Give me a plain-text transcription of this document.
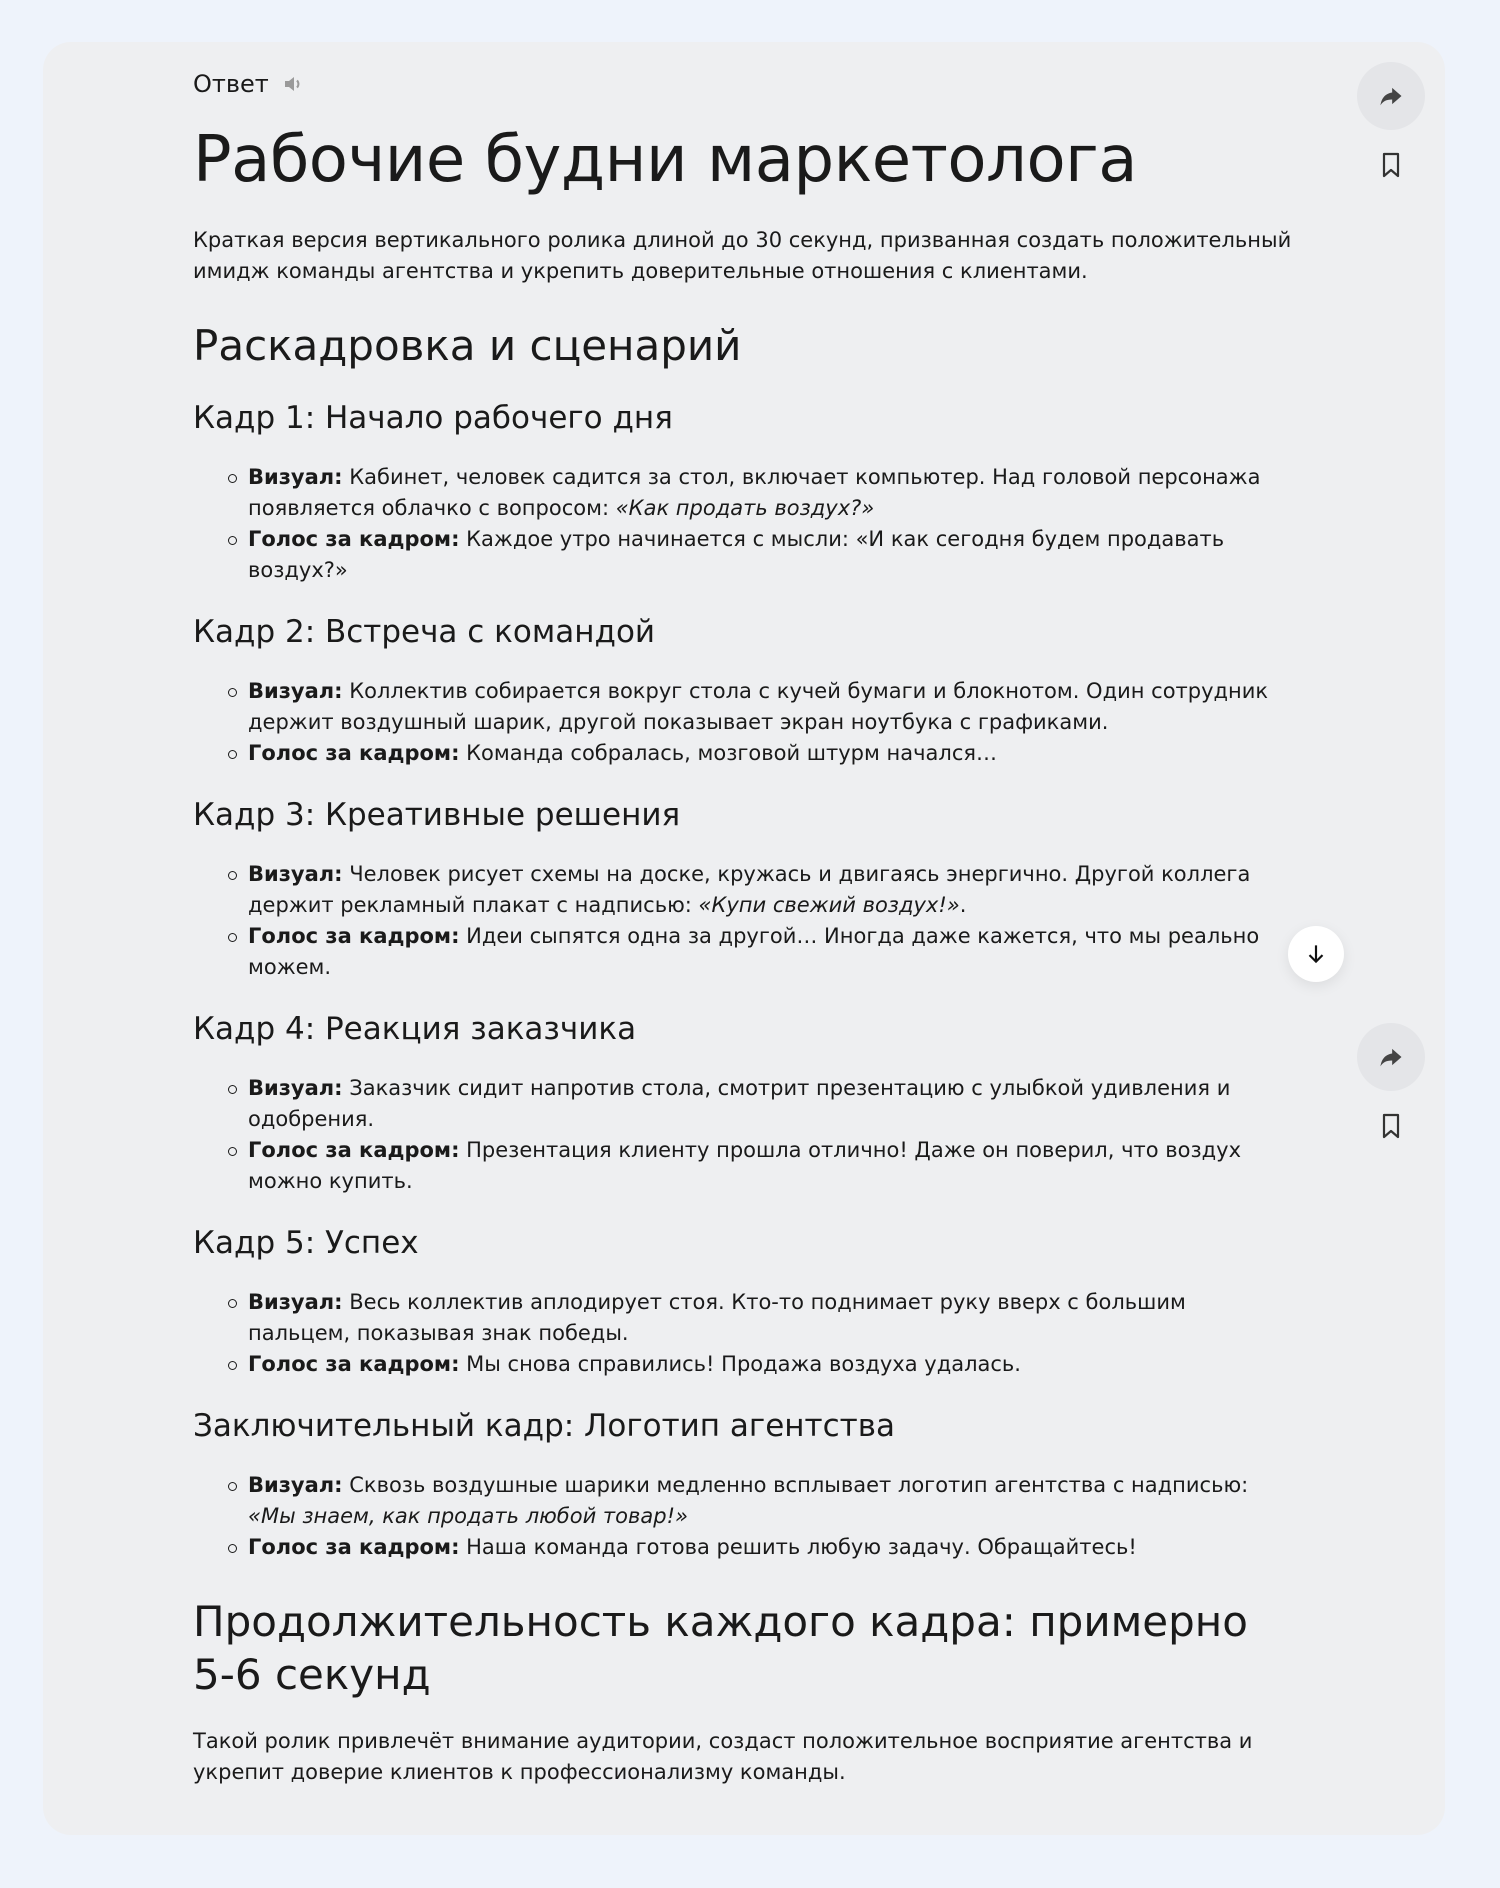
Ответ
Рабочие будни маркетолога

Краткая версия вертикального ролика длиной до 30 секунд, призванная создать положительный имидж команды агентства и укрепить доверительные отношения с клиентами.

Раскадровка и сценарий
Кадр 1: Начало рабочего дня
Визуал: Кабинет, человек садится за стол, включает компьютер. Над головой персонажа появляется облачко с вопросом: «Как продать воздух?»
Голос за кадром: Каждое утро начинается с мысли: «И как сегодня будем продавать воздух?»
Кадр 2: Встреча с командой
Визуал: Коллектив собирается вокруг стола с кучей бумаги и блокнотом. Один сотрудник держит воздушный шарик, другой показывает экран ноутбука с графиками.
Голос за кадром: Команда собралась, мозговой штурм начался…
Кадр 3: Креативные решения
Визуал: Человек рисует схемы на доске, кружась и двигаясь энергично. Другой коллега держит рекламный плакат с надписью: «Купи свежий воздух!».
Голос за кадром: Идеи сыпятся одна за другой… Иногда даже кажется, что мы реально можем.
Кадр 4: Реакция заказчика
Визуал: Заказчик сидит напротив стола, смотрит презентацию с улыбкой удивления и одобрения.
Голос за кадром: Презентация клиенту прошла отлично! Даже он поверил, что воздух можно купить.
Кадр 5: Успех
Визуал: Весь коллектив аплодирует стоя. Кто-то поднимает руку вверх с большим пальцем, показывая знак победы.
Голос за кадром: Мы снова справились! Продажа воздуха удалась.
Заключительный кадр: Логотип агентства
Визуал: Сквозь воздушные шарики медленно всплывает логотип агентства с надписью: «Мы знаем, как продать любой товар!»
Голос за кадром: Наша команда готова решить любую задачу. Обращайтесь!
Продолжительность каждого кадра: примерно 5-6 секунд

Такой ролик привлечёт внимание аудитории, создаст положительное восприятие агентства и укрепит доверие клиентов к профессионализму команды.
